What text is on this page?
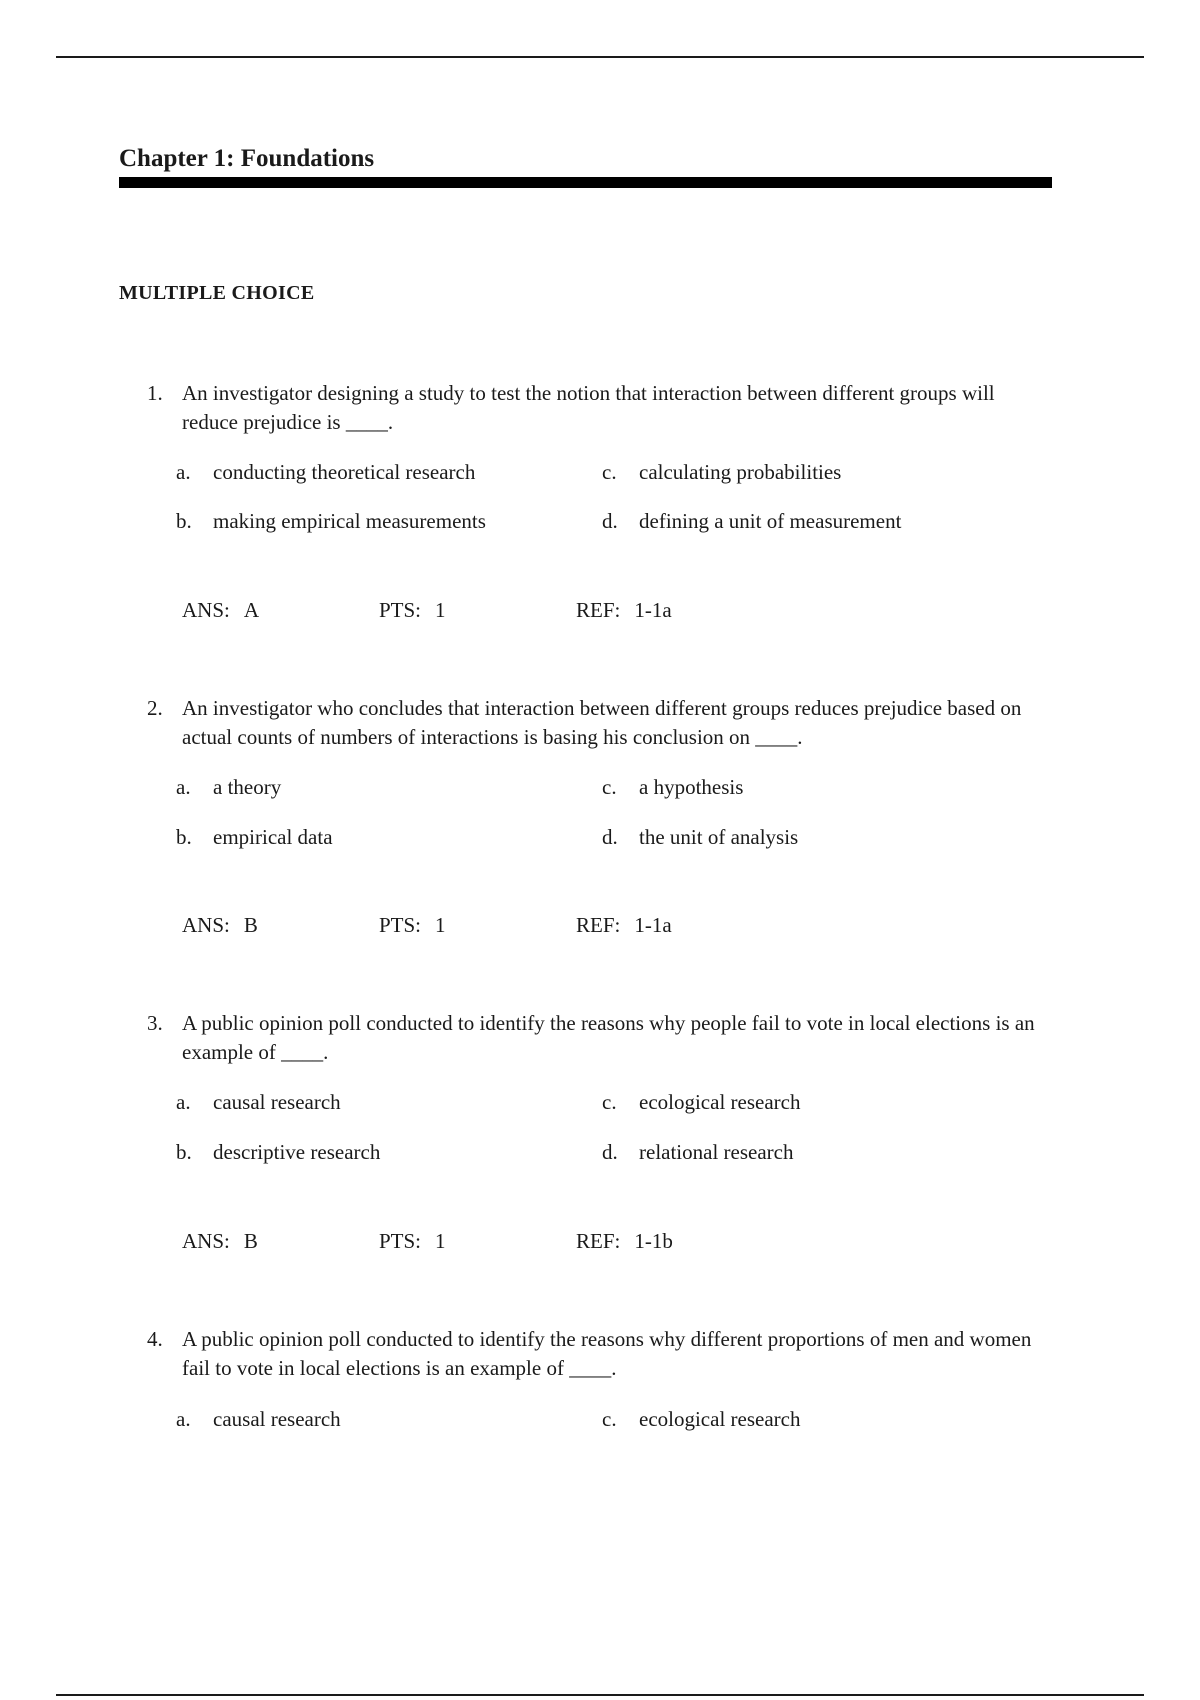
Chapter 1: Foundations
MULTIPLE CHOICE
1. An investigator designing a study to test the notion that interaction between different groups will reduce prejudice is ____.
a. conducting theoretical research	c. calculating probabilities
b. making empirical measurements	d. defining a unit of measurement
ANS: A	PTS: 1	REF: 1-1a
2. An investigator who concludes that interaction between different groups reduces prejudice based on actual counts of numbers of interactions is basing his conclusion on ____.
a. a theory	c. a hypothesis
b. empirical data	d. the unit of analysis
ANS: B	PTS: 1	REF: 1-1a
3. A public opinion poll conducted to identify the reasons why people fail to vote in local elections is an example of ____.
a. causal research	c. ecological research
b. descriptive research	d. relational research
ANS: B	PTS: 1	REF: 1-1b
4. A public opinion poll conducted to identify the reasons why different proportions of men and women fail to vote in local elections is an example of ____.
a. causal research	c. ecological research
